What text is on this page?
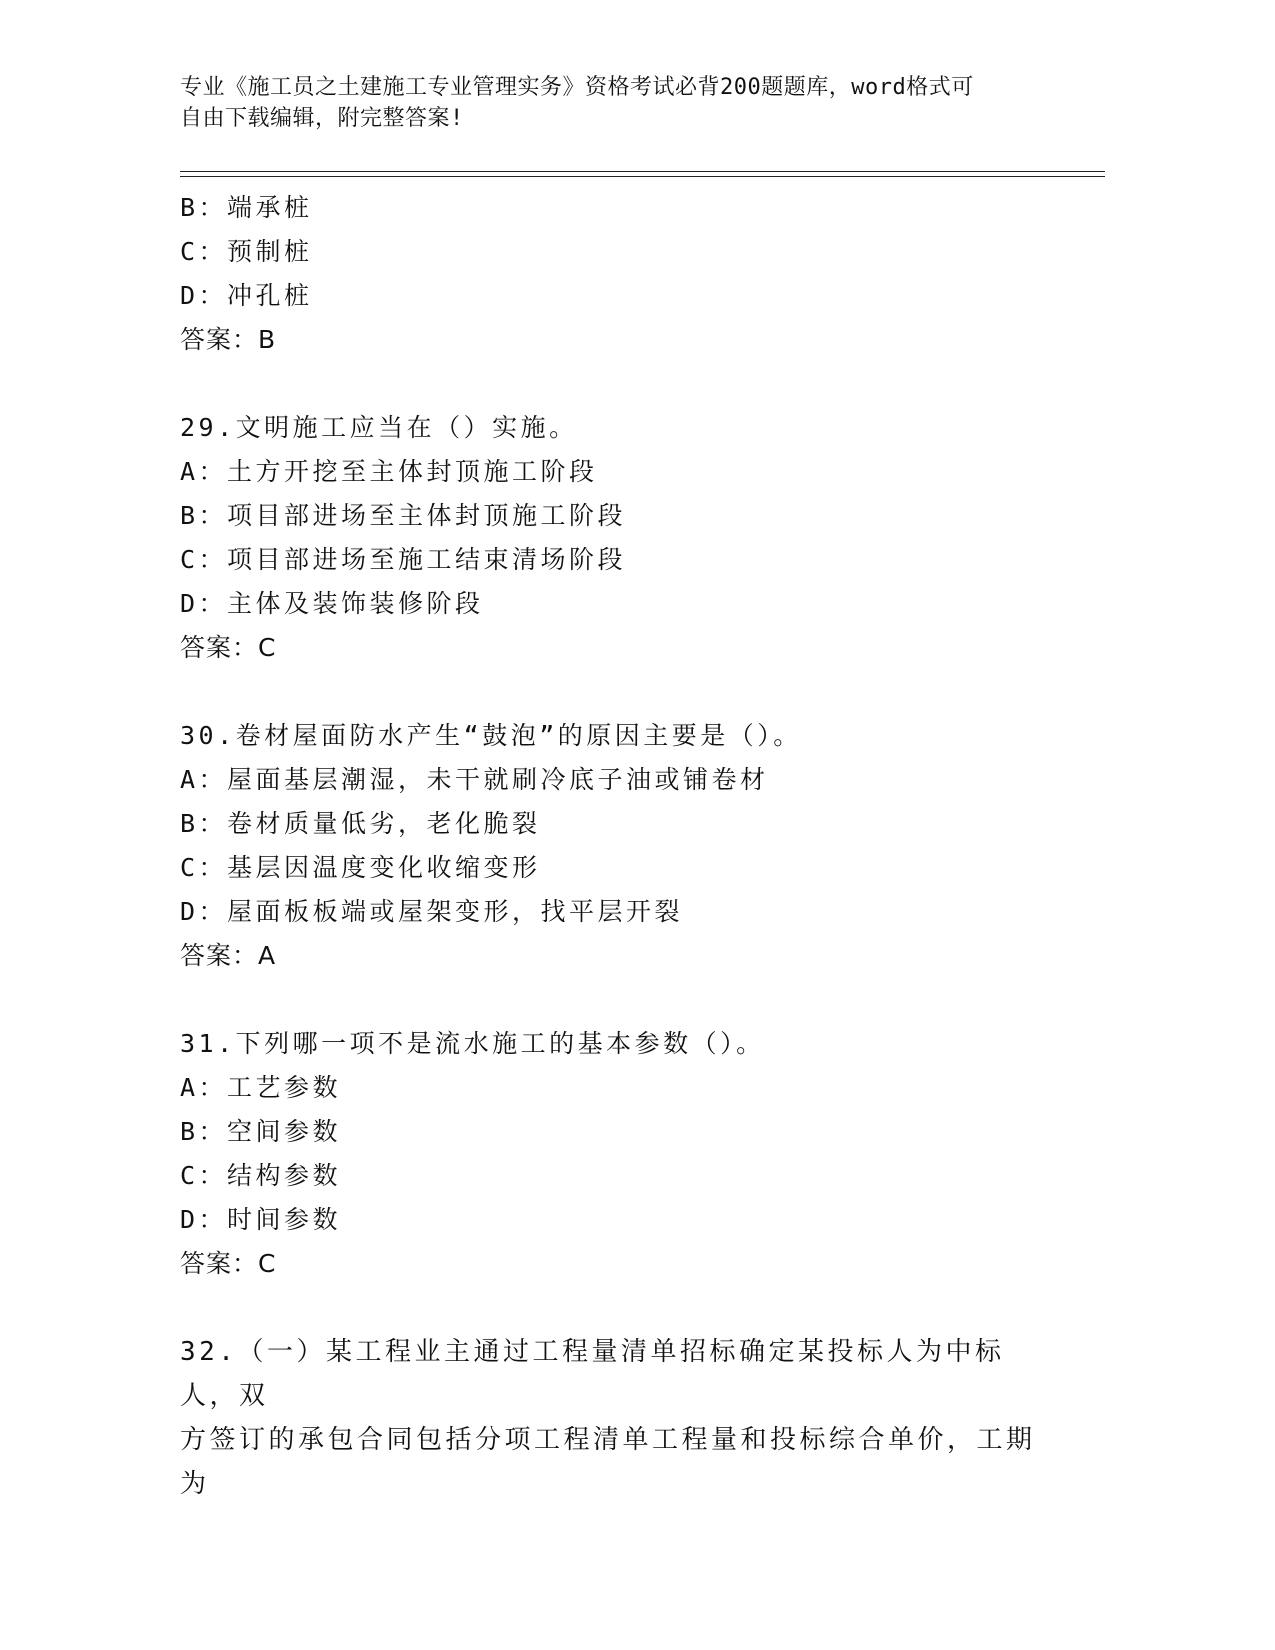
专业《施工员之土建施工专业管理实务》资格考试必背200题题库，word格式可
自由下载编辑，附完整答案!
B：端承桩
C：预制桩
D：冲孔桩
答案：B
29.文明施工应当在（）实施。
A：土方开挖至主体封顶施工阶段
B：项目部进场至主体封顶施工阶段
C：项目部进场至施工结束清场阶段
D：主体及装饰装修阶段
答案：C
30.卷材屋面防水产生“鼓泡”的原因主要是（）。
A：屋面基层潮湿，未干就刷冷底子油或铺卷材
B：卷材质量低劣，老化脆裂
C：基层因温度变化收缩变形
D：屋面板板端或屋架变形，找平层开裂
答案：A
31.下列哪一项不是流水施工的基本参数（）。
A：工艺参数
B：空间参数
C：结构参数
D：时间参数
答案：C
32.（一）某工程业主通过工程量清单招标确定某投标人为中标人，双
方签订的承包合同包括分项工程清单工程量和投标综合单价，工期为
